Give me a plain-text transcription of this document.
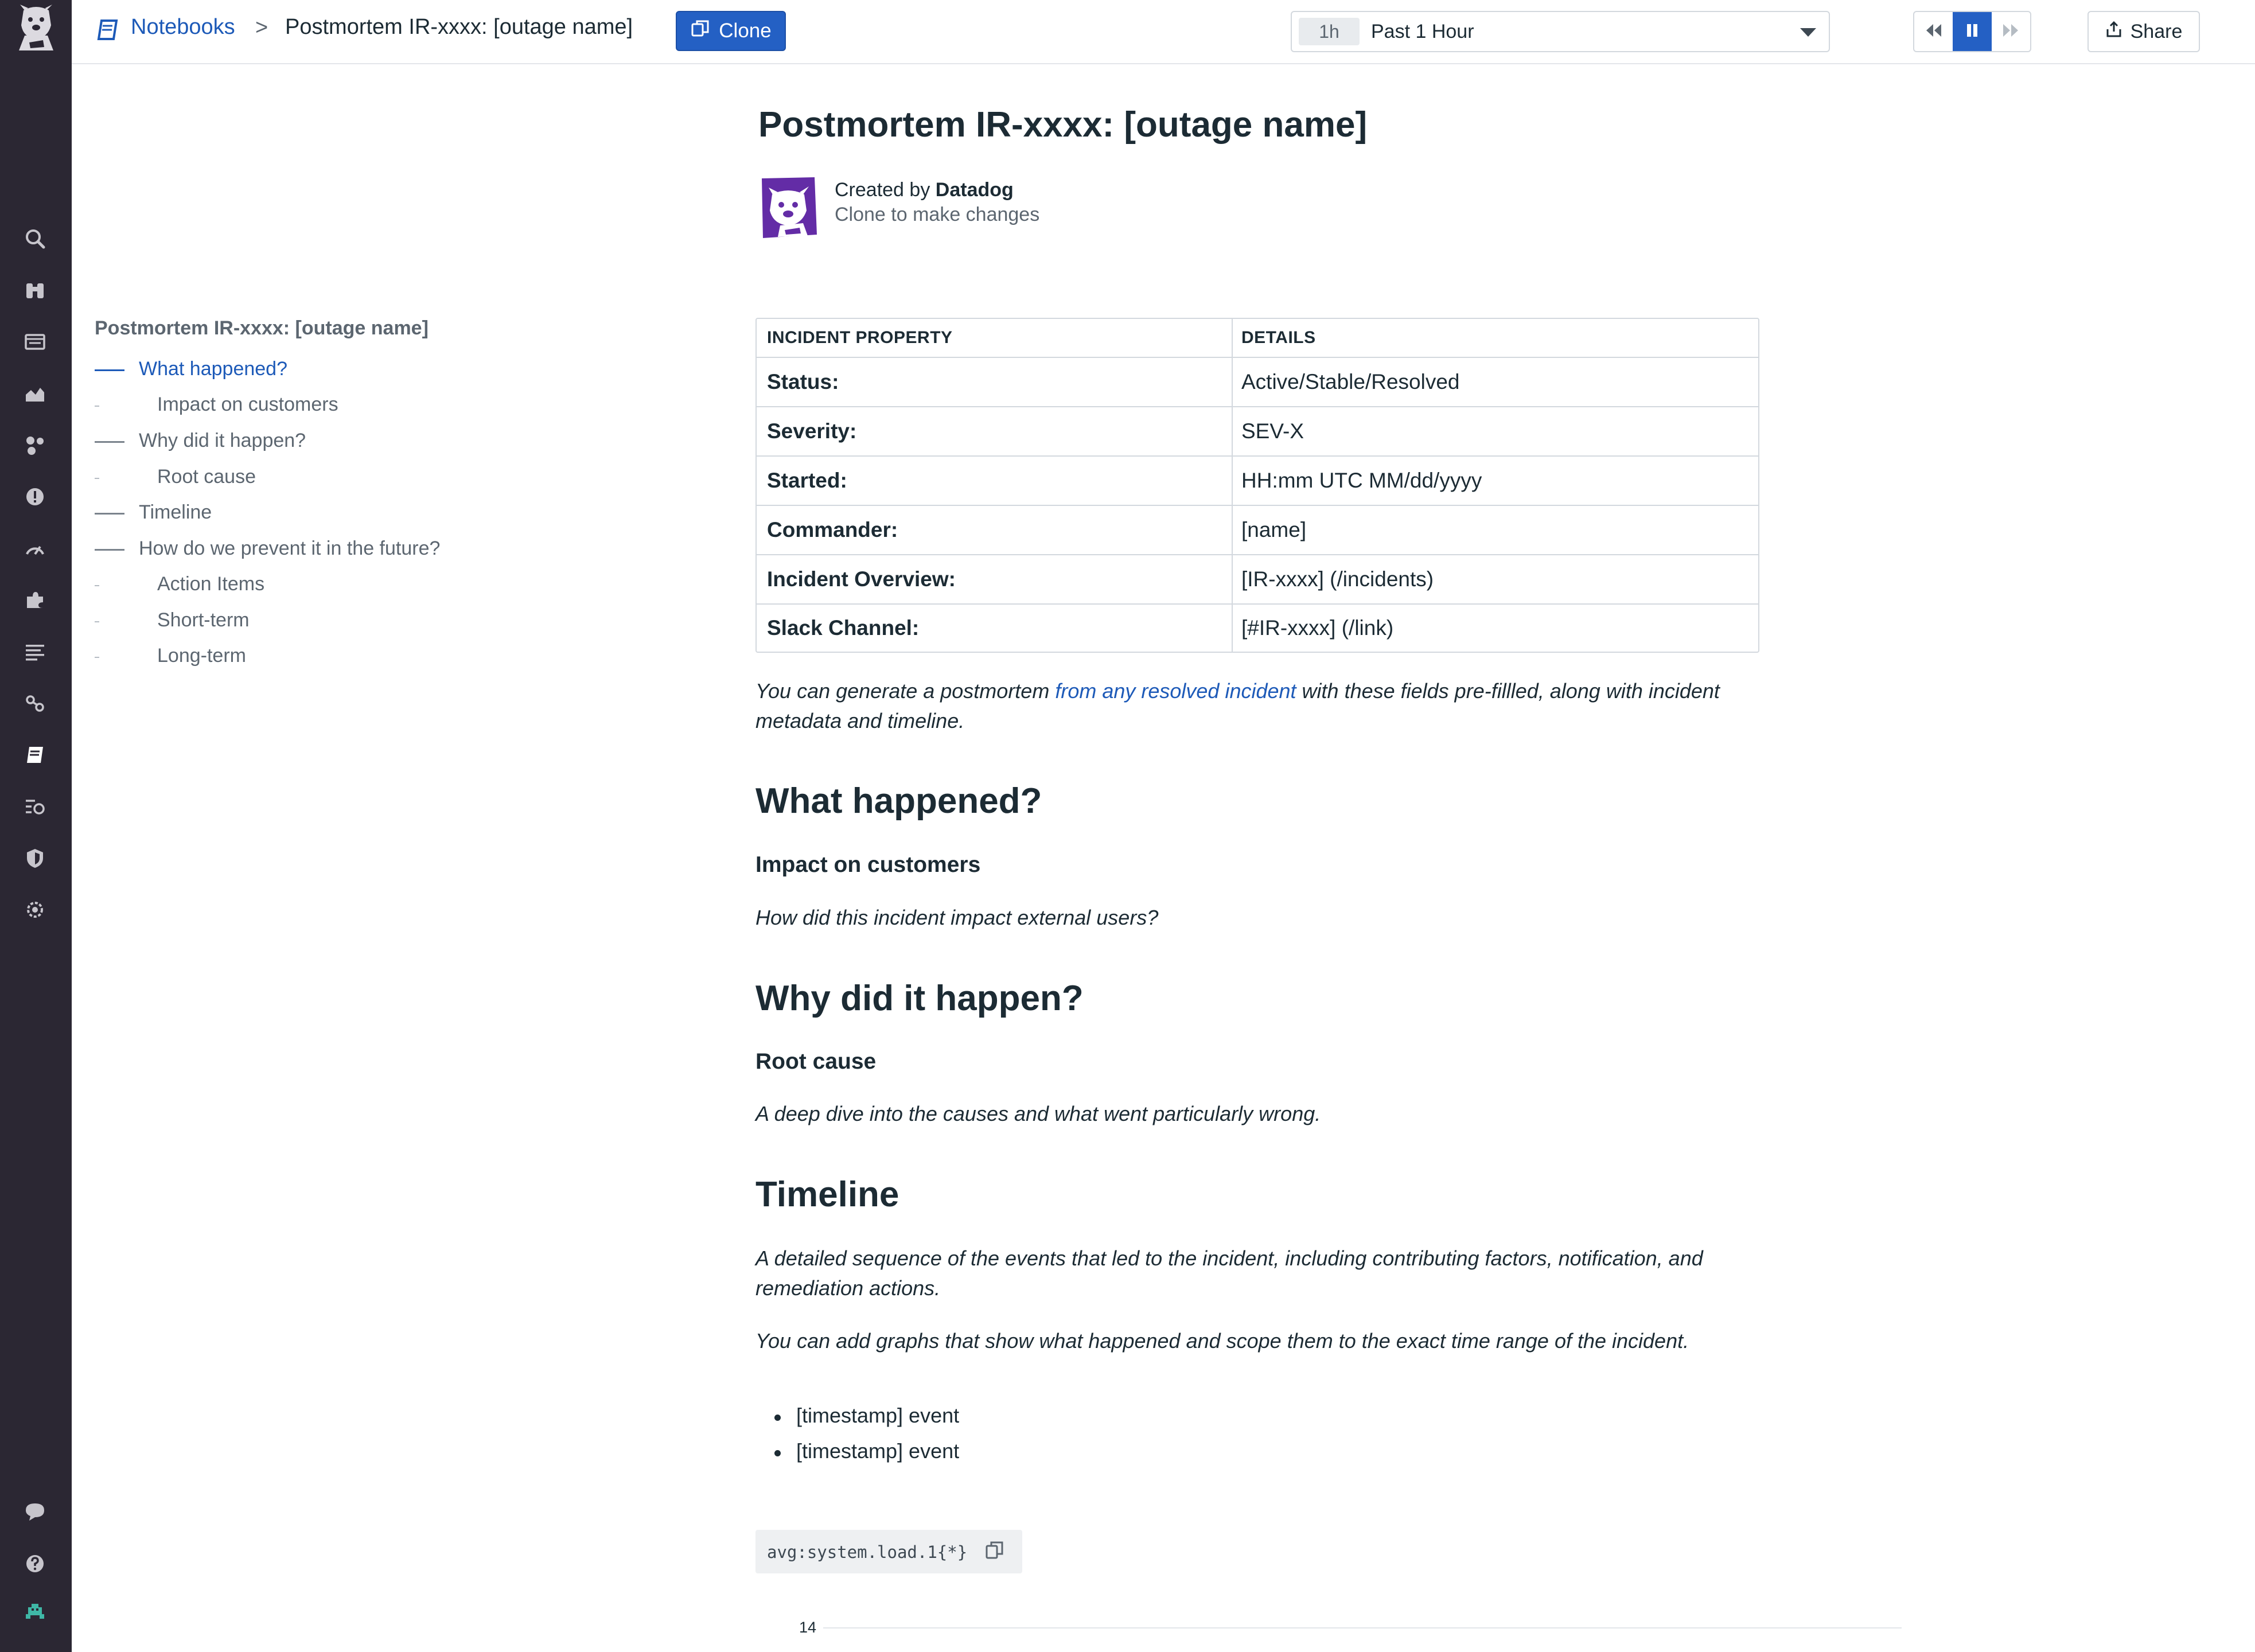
Notebooks > Postmortem IR-xxxx: [outage name]	Clone	1h	Past 1 Hour	Share
Postmortem IR-xxxx: [outage name]
What happened?
Impact on customers
Why did it happen?
Root cause
Timeline
How do we prevent it in the future?
Action Items
Short-term
Long-term
Postmortem IR-xxxx: [outage name]
Created by Datadog
Clone to make changes
INCIDENT PROPERTY	DETAILS
Status:	Active/Stable/Resolved
Severity:	SEV-X
Started:	HH:mm UTC MM/dd/yyyy
Commander:	[name]
Incident Overview:	[IR-xxxx] (/incidents)
Slack Channel:	[#IR-xxxx] (/link)
You can generate a postmortem from any resolved incident with these fields pre-fillled, along with incident
metadata and timeline.
What happened?
Impact on customers
How did this incident impact external users?
Why did it happen?
Root cause
A deep dive into the causes and what went particularly wrong.
Timeline
A detailed sequence of the events that led to the incident, including contributing factors, notification, and
remediation actions.
You can add graphs that show what happened and scope them to the exact time range of the incident.
[timestamp] event
[timestamp] event
avg:system.load.1{*}
14
